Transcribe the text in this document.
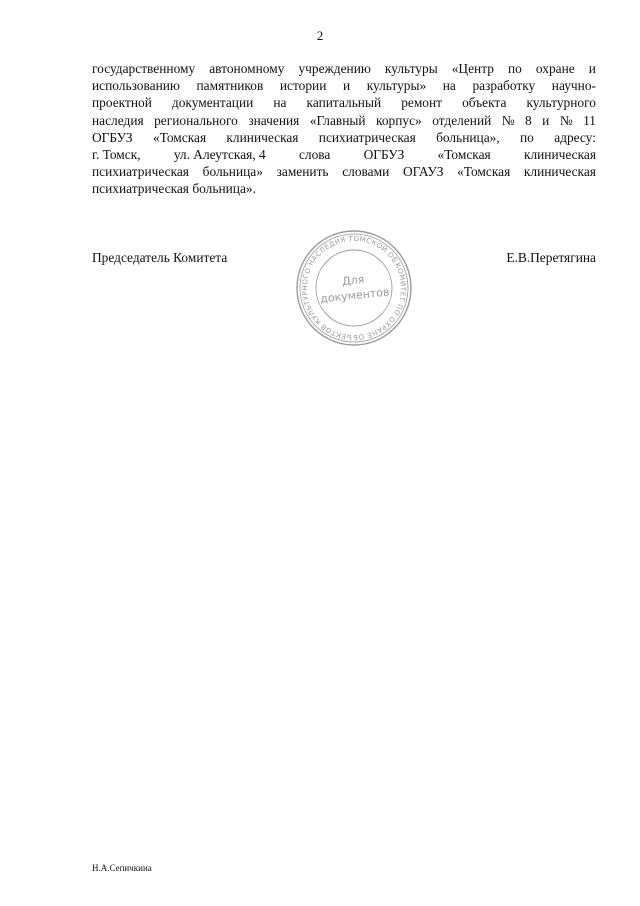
2
государственному автономному учреждению культуры «Центр по охране и
использованию памятников истории и культуры» на разработку научно-
проектной документации на капитальный ремонт объекта культурного
наследия регионального значения «Главный корпус» отделений № 8 и № 11
ОГБУЗ «Томская клиническая психиатрическая больница», по адресу:
г. Томск, ул. Алеутская, 4 слова ОГБУЗ «Томская клиническая
психиатрическая больница» заменить словами ОГАУЗ «Томская клиническая
психиатрическая больница».
Председатель Комитета
КОМИТЕТ ПО ОХРАНЕ ОБЪЕКТОВ КУЛЬТУРНОГО НАСЛЕДИЯ ТОМСКОЙ ОБЛАСТИ
Для
документов
Е.В.Перетягина
Н.А.Сепичкина
